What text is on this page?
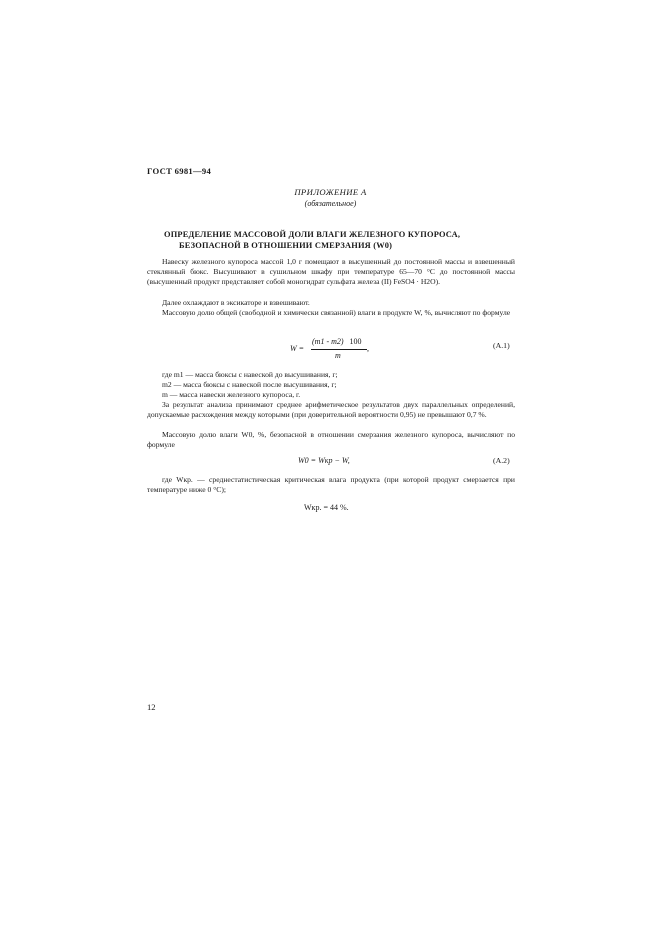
ГОСТ 6981—94
ПРИЛОЖЕНИЕ А
(обязательное)
ОПРЕДЕЛЕНИЕ МАССОВОЙ ДОЛИ ВЛАГИ ЖЕЛЕЗНОГО КУПОРОСА,
БЕЗОПАСНОЙ В ОТНОШЕНИИ СМЕРЗАНИЯ (W0)
Навеску железного купороса массой 1,0 г помещают в высушенный до постоянной массы и взвешенный стеклянный бюкс. Высушивают в сушильном шкафу при температуре 65—70 °С до постоянной массы (высушенный продукт представляет собой моногидрат сульфата железа (II) FeSO4 · H2O).
Далее охлаждают в эксикаторе и взвешивают.
Массовую долю общей (свободной и химически связанной) влаги в продукте W, %, вычисляют по формуле
W =
(m1 - m2) 100
m
,	(А.1)
где m1 — масса бюксы с навеской до высушивания, г;
m2 — масса бюксы с навеской после высушивания, г;
m — масса навески железного купороса, г.
За результат анализа принимают среднее арифметическое результатов двух параллельных определений, допускаемые расхождения между которыми (при доверительной вероятности 0,95) не превышают 0,7 %.
Массовую долю влаги W0, %, безопасной в отношении смерзания железного купороса, вычисляют по формуле
W0 = Wкр − W,	(А.2)
где Wкр. — среднестатистическая критическая влага продукта (при которой продукт смерзается при температуре ниже 0 °С);
Wкр. = 44 %.
12
